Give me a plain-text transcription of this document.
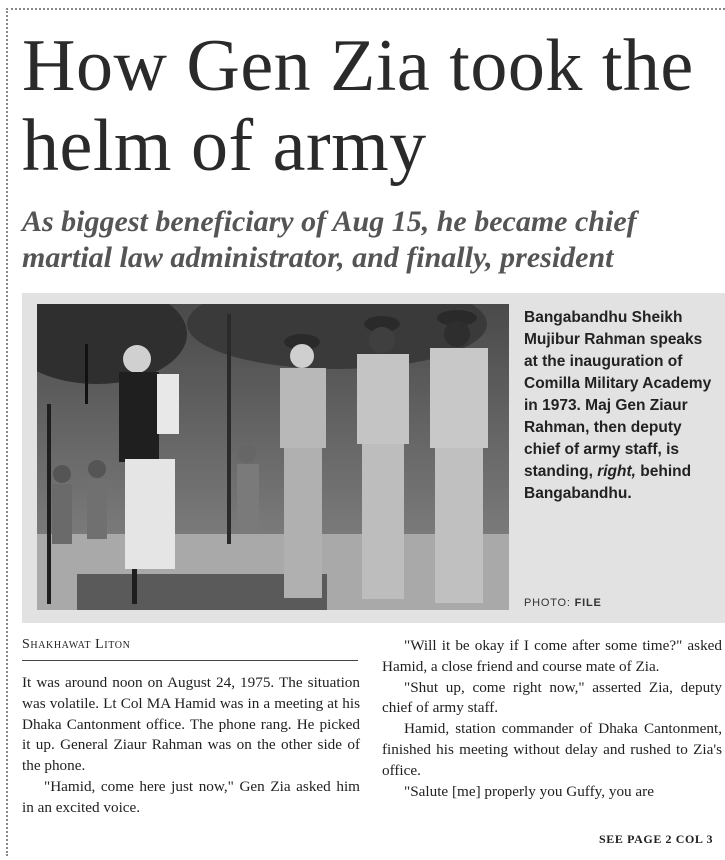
How Gen Zia took the helm of army
As biggest beneficiary of Aug 15, he became chief martial law administrator, and finally, president
Bangabandhu Sheikh Mujibur Rahman speaks at the inauguration of Comilla Military Academy in 1973. Maj Gen Ziaur Rahman, then deputy chief of army staff, is standing, right, behind Bangabandhu.
PHOTO: FILE
Shakhawat Liton

It was around noon on August 24, 1975. The situation was volatile. Lt Col MA Hamid was in a meeting at his Dhaka Cantonment office. The phone rang. He picked it up. General Ziaur Rahman was on the other side of the phone.

"Hamid, come here just now," Gen Zia asked him in an excited voice.

"Will it be okay if I come after some time?" asked Hamid, a close friend and course mate of Zia.

"Shut up, come right now," asserted Zia, deputy chief of army staff.

Hamid, station commander of Dhaka Cantonment, finished his meeting without delay and rushed to Zia's office.

"Salute [me] properly you Guffy, you are

SEE PAGE 2 COL 3
